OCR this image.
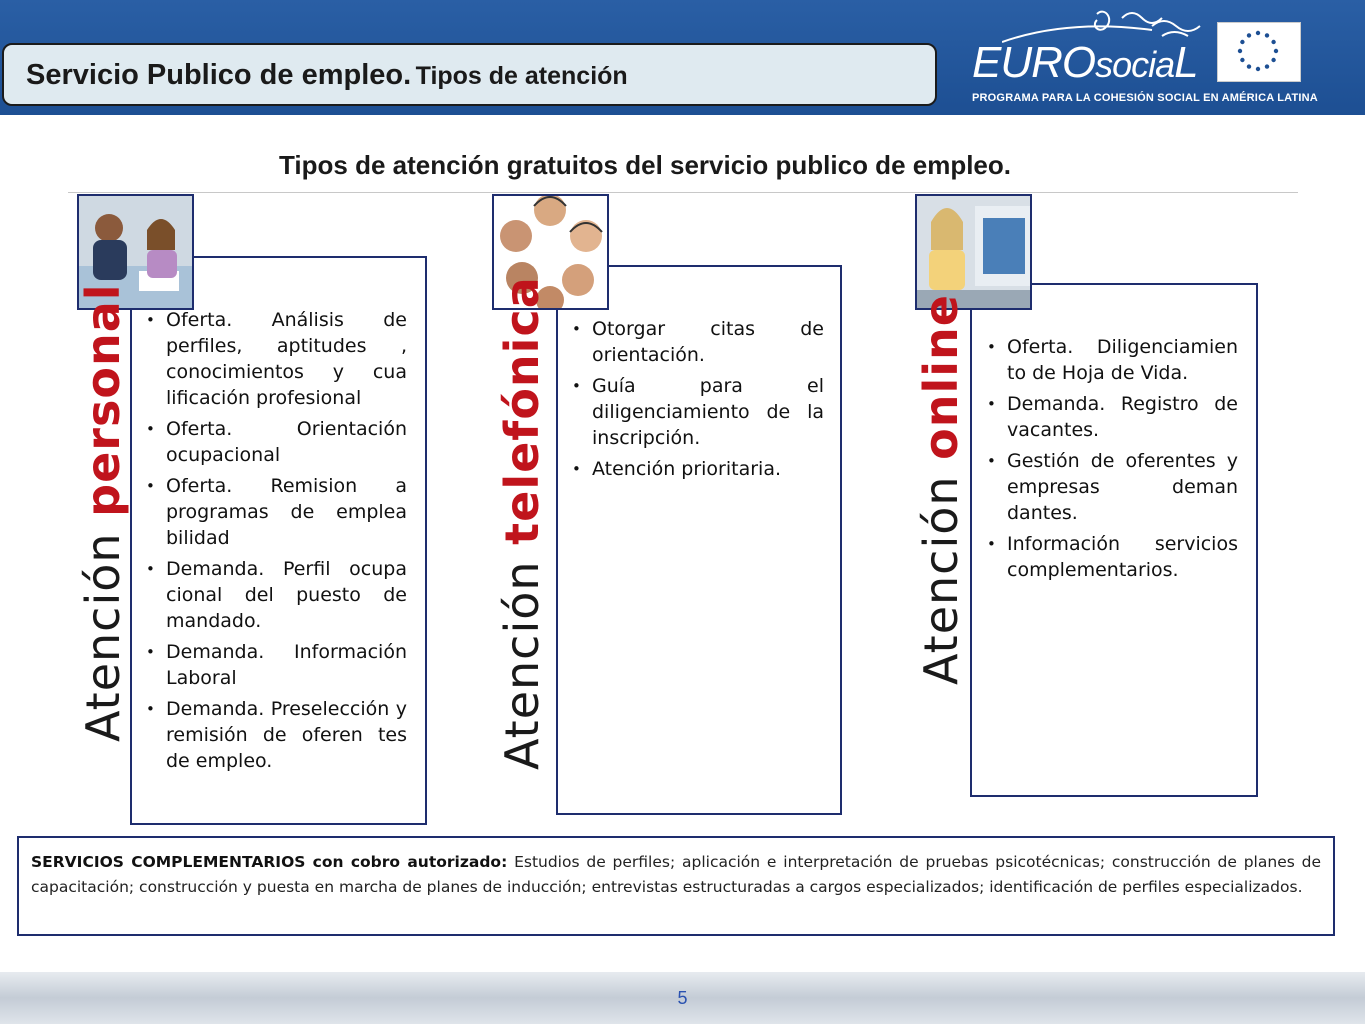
Servicio Publico de empleo. Tipos de atención	EUROsociaL
PROGRAMA PARA LA COHESIÓN SOCIAL EN AMÉRICA LATINA
Tipos de atención gratuitos del servicio publico de empleo.
Atención personal	• Oferta. Análisis de perfiles, aptitudes , conocimientos y cua lificación profesional
• Oferta. Orientación ocupacional
• Oferta. Remision a programas de emplea bilidad
• Demanda. Perfil ocupa cional del puesto de mandado.
• Demanda. Información Laboral
• Demanda. Preselección y remisión de oferen tes de empleo.	Atención telefónica	• Otorgar citas de orientación.
• Guía para el diligenciamiento de la inscripción.
• Atención prioritaria.	Atención online	• Oferta. Diligenciamien to de Hoja de Vida.
• Demanda. Registro de vacantes.
• Gestión de oferentes y empresas deman dantes.
• Información servicios complementarios.
SERVICIOS COMPLEMENTARIOS con cobro autorizado: Estudios de perfiles; aplicación e interpretación de pruebas psicotécnicas; construcción de planes de capacitación; construcción y puesta en marcha de planes de inducción; entrevistas estructuradas a cargos especializados; identificación de perfiles especializados.
5
